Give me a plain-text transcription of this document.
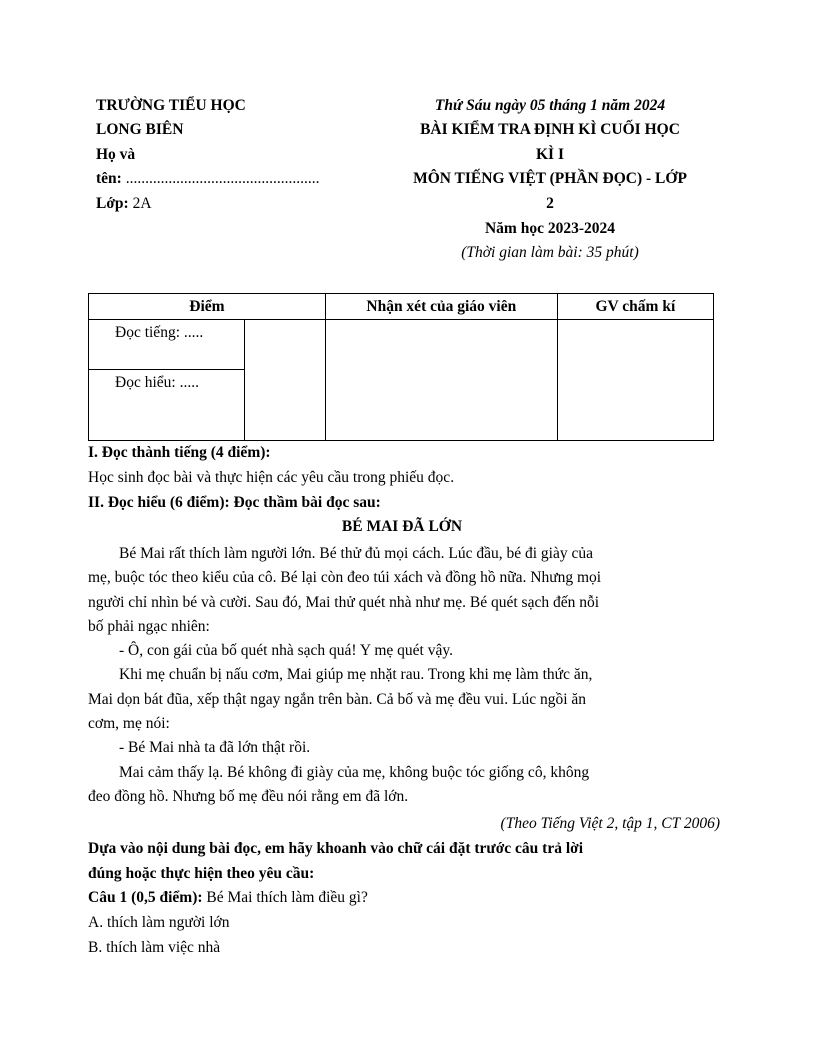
TRƯỜNG TIỂU HỌC
LONG BIÊN
Họ và
tên: ..................................................
Lớp: 2A
Thứ Sáu ngày 05 tháng 1 năm 2024
BÀI KIỂM TRA ĐỊNH KÌ CUỐI HỌC
KÌ I
MÔN TIẾNG VIỆT (PHẦN ĐỌC) - LỚP
2
Năm học 2023-2024
(Thời gian làm bài: 35 phút)
Điểm		Nhận xét của giáo viên	GV chấm kí

Đọc tiếng: .....			

Đọc hiểu: .....			
I. Đọc thành tiếng (4 điểm):
Học sinh đọc bài và thực hiện các yêu cầu trong phiếu đọc.
II. Đọc hiểu (6 điểm): Đọc thầm bài đọc sau:
BÉ MAI ĐÃ LỚN
Bé Mai rất thích làm người lớn. Bé thử đủ mọi cách. Lúc đầu, bé đi giày của
mẹ, buộc tóc theo kiểu của cô. Bé lại còn đeo túi xách và đồng hồ nữa. Nhưng mọi
người chỉ nhìn bé và cười. Sau đó, Mai thử quét nhà như mẹ. Bé quét sạch đến nỗi
bố phải ngạc nhiên:
- Ô, con gái của bố quét nhà sạch quá! Y mẹ quét vậy.
Khi mẹ chuẩn bị nấu cơm, Mai giúp mẹ nhặt rau. Trong khi mẹ làm thức ăn,
Mai dọn bát đũa, xếp thật ngay ngắn trên bàn. Cả bố và mẹ đều vui. Lúc ngồi ăn
cơm, mẹ nói:
- Bé Mai nhà ta đã lớn thật rồi.
Mai cảm thấy lạ. Bé không đi giày của mẹ, không buộc tóc giống cô, không
đeo đồng hồ. Nhưng bố mẹ đều nói rằng em đã lớn.
(Theo Tiếng Việt 2, tập 1, CT 2006)
Dựa vào nội dung bài đọc, em hãy khoanh vào chữ cái đặt trước câu trả lời
đúng hoặc thực hiện theo yêu cầu:
Câu 1 (0,5 điểm): Bé Mai thích làm điều gì?
A. thích làm người lớn
B. thích làm việc nhà
